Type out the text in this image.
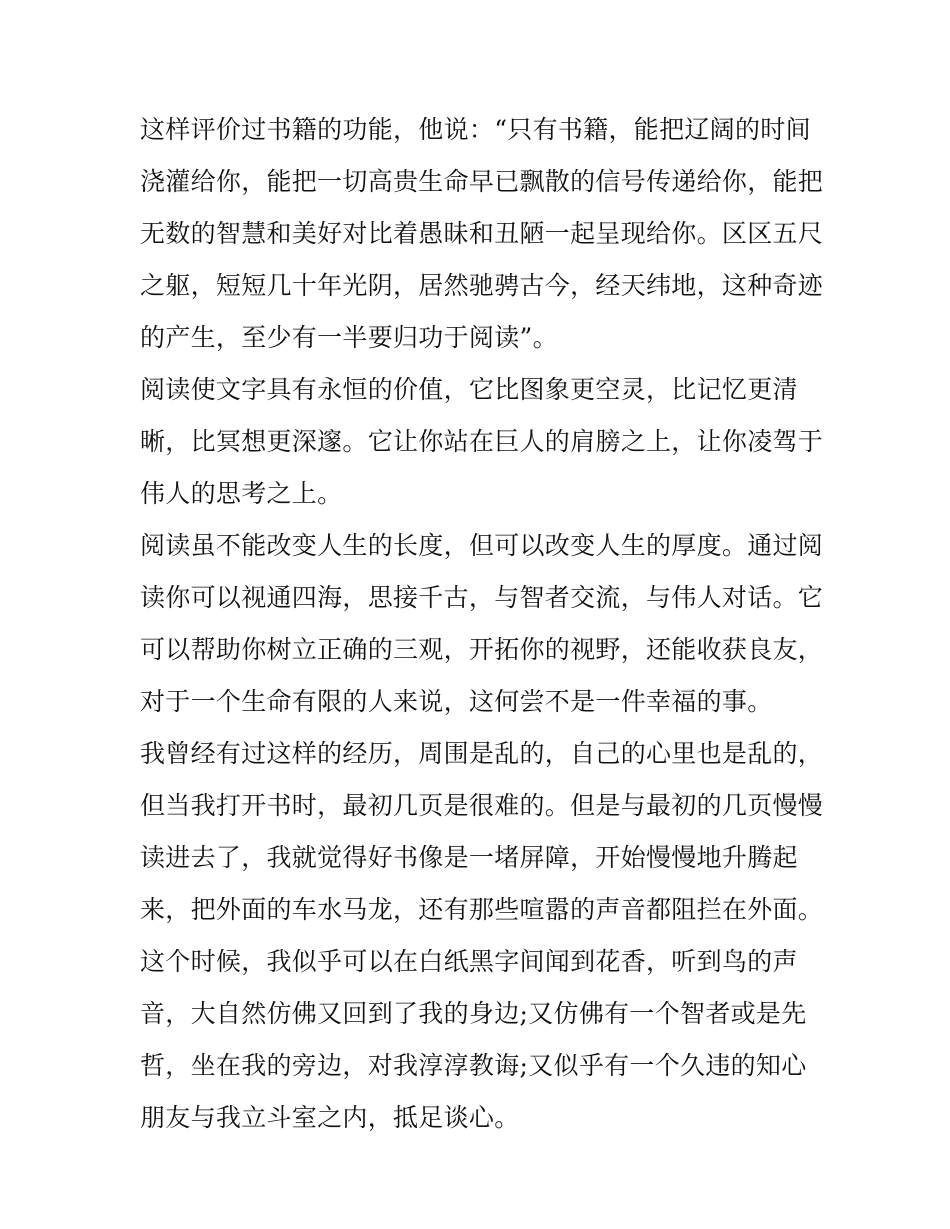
这样评价过书籍的功能，他说：“只有书籍，能把辽阔的时间
浇灌给你，能把一切高贵生命早已飘散的信号传递给你，能把
无数的智慧和美好对比着愚昧和丑陋一起呈现给你。区区五尺
之躯，短短几十年光阴，居然驰骋古今，经天纬地，这种奇迹
的产生，至少有一半要归功于阅读”。
阅读使文字具有永恒的价值，它比图象更空灵，比记忆更清
晰，比冥想更深邃。它让你站在巨人的肩膀之上，让你凌驾于
伟人的思考之上。
阅读虽不能改变人生的长度，但可以改变人生的厚度。通过阅
读你可以视通四海，思接千古，与智者交流，与伟人对话。它
可以帮助你树立正确的三观，开拓你的视野，还能收获良友，
对于一个生命有限的人来说，这何尝不是一件幸福的事。
我曾经有过这样的经历，周围是乱的，自己的心里也是乱的，
但当我打开书时，最初几页是很难的。但是与最初的几页慢慢
读进去了，我就觉得好书像是一堵屏障，开始慢慢地升腾起
来，把外面的车水马龙，还有那些喧嚣的声音都阻拦在外面。
这个时候，我似乎可以在白纸黑字间闻到花香，听到鸟的声
音，大自然仿佛又回到了我的身边;又仿佛有一个智者或是先
哲，坐在我的旁边，对我淳淳教诲;又似乎有一个久违的知心
朋友与我立斗室之内，抵足谈心。
